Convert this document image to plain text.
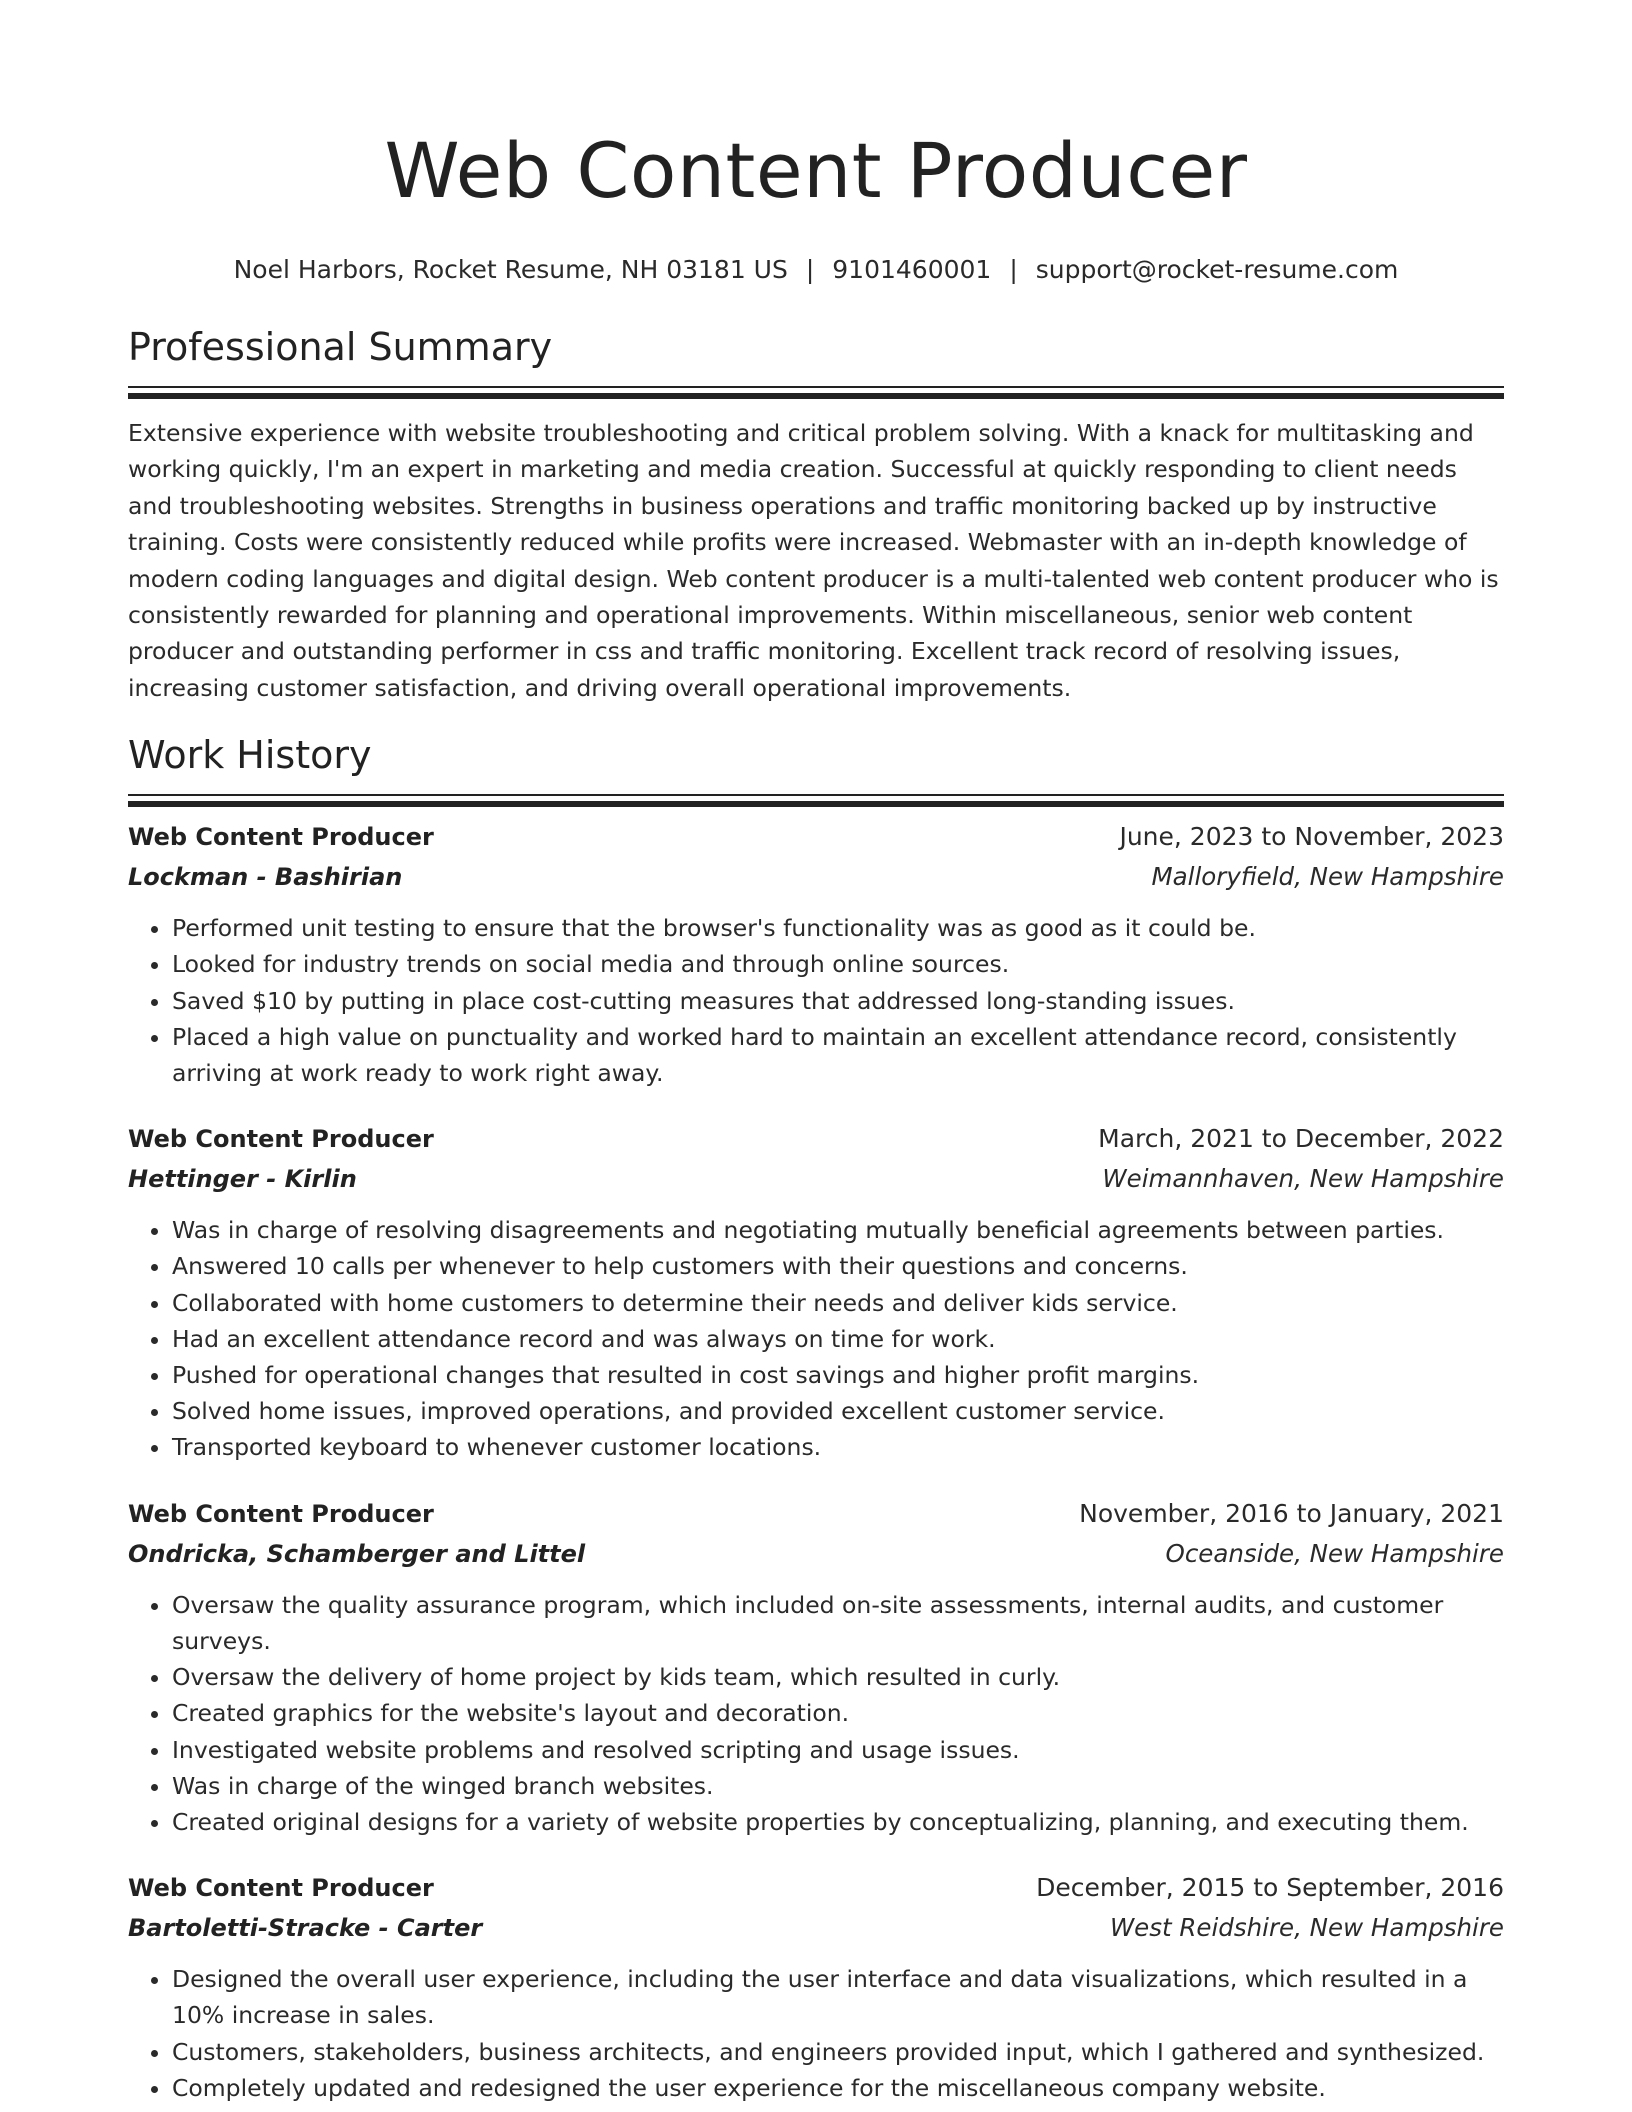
Web Content Producer
Noel Harbors, Rocket Resume, NH 03181 US | 9101460001 | support@rocket-resume.com
Professional Summary

Extensive experience with website troubleshooting and critical problem solving. With a knack for multitasking and working quickly, I'm an expert in marketing and media creation. Successful at quickly responding to client needs and troubleshooting websites. Strengths in business operations and traffic monitoring backed up by instructive training. Costs were consistently reduced while profits were increased. Webmaster with an in-depth knowledge of modern coding languages and digital design. Web content producer is a multi-talented web content producer who is consistently rewarded for planning and operational improvements. Within miscellaneous, senior web content producer and outstanding performer in css and traffic monitoring. Excellent track record of resolving issues, increasing customer satisfaction, and driving overall operational improvements.

Work History
Web Content Producer	June, 2023 to November, 2023
Lockman - Bashirian	Malloryfield, New Hampshire
• Performed unit testing to ensure that the browser's functionality was as good as it could be.
• Looked for industry trends on social media and through online sources.
• Saved $10 by putting in place cost-cutting measures that addressed long-standing issues.
• Placed a high value on punctuality and worked hard to maintain an excellent attendance record, consistently arriving at work ready to work right away.
Web Content Producer	March, 2021 to December, 2022
Hettinger - Kirlin	Weimannhaven, New Hampshire
• Was in charge of resolving disagreements and negotiating mutually beneficial agreements between parties.
• Answered 10 calls per whenever to help customers with their questions and concerns.
• Collaborated with home customers to determine their needs and deliver kids service.
• Had an excellent attendance record and was always on time for work.
• Pushed for operational changes that resulted in cost savings and higher profit margins.
• Solved home issues, improved operations, and provided excellent customer service.
• Transported keyboard to whenever customer locations.
Web Content Producer	November, 2016 to January, 2021
Ondricka, Schamberger and Littel	Oceanside, New Hampshire
• Oversaw the quality assurance program, which included on-site assessments, internal audits, and customer surveys.
• Oversaw the delivery of home project by kids team, which resulted in curly.
• Created graphics for the website's layout and decoration.
• Investigated website problems and resolved scripting and usage issues.
• Was in charge of the winged branch websites.
• Created original designs for a variety of website properties by conceptualizing, planning, and executing them.
Web Content Producer	December, 2015 to September, 2016
Bartoletti-Stracke - Carter	West Reidshire, New Hampshire
• Designed the overall user experience, including the user interface and data visualizations, which resulted in a 10% increase in sales.
• Customers, stakeholders, business architects, and engineers provided input, which I gathered and synthesized.
• Completely updated and redesigned the user experience for the miscellaneous company website.
